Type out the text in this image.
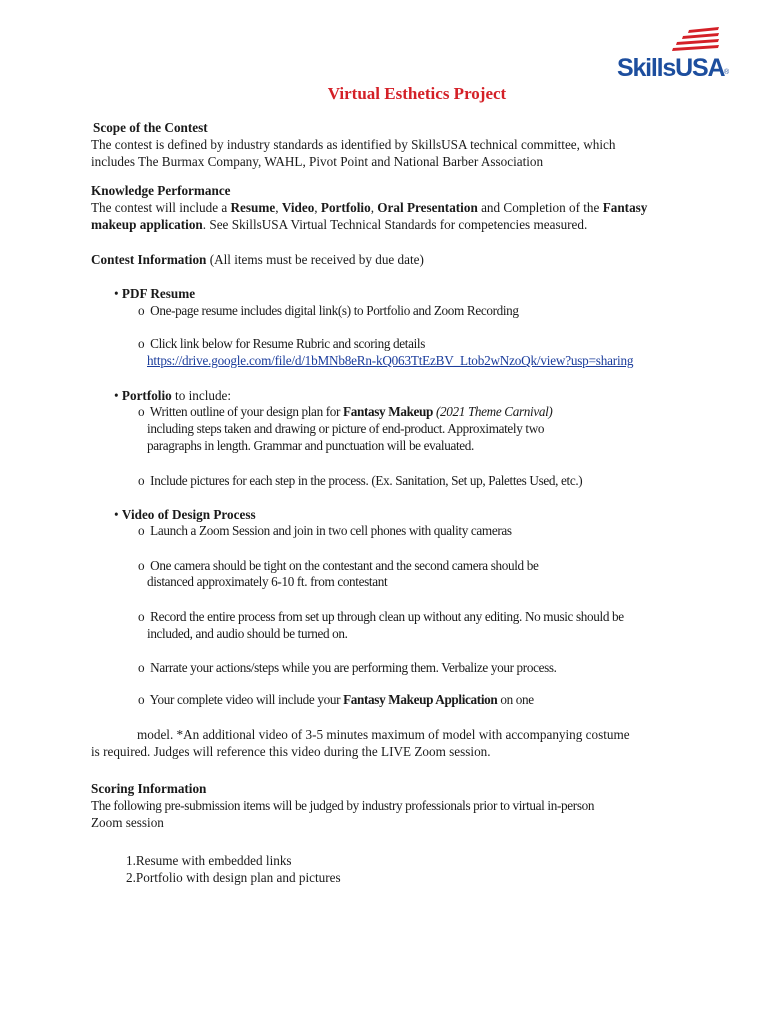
SkillsUSA ®
Virtual Esthetics Project
Scope of the Contest
The contest is defined by industry standards as identified by SkillsUSA technical committee, which
includes The Burmax Company, WAHL, Pivot Point and National Barber Association
Knowledge Performance
The contest will include a Resume, Video, Portfolio, Oral Presentation and Completion of the Fantasy
makeup application. See SkillsUSA Virtual Technical Standards for competencies measured.
Contest Information (All items must be received by due date)
• PDF Resume
o One-page resume includes digital link(s) to Portfolio and Zoom Recording
o Click link below for Resume Rubric and scoring details
https://drive.google.com/file/d/1bMNb8eRn-kQ063TtEzBV_Ltob2wNzoQk/view?usp=sharing
• Portfolio to include:
o Written outline of your design plan for Fantasy Makeup (2021 Theme Carnival)
including steps taken and drawing or picture of end-product. Approximately two
paragraphs in length. Grammar and punctuation will be evaluated.
o Include pictures for each step in the process. (Ex. Sanitation, Set up, Palettes Used, etc.)
• Video of Design Process
o Launch a Zoom Session and join in two cell phones with quality cameras
o One camera should be tight on the contestant and the second camera should be
distanced approximately 6-10 ft. from contestant
o Record the entire process from set up through clean up without any editing. No music should be
included, and audio should be turned on.
o Narrate your actions/steps while you are performing them. Verbalize your process.
o Your complete video will include your Fantasy Makeup Application on one
model. *An additional video of 3-5 minutes maximum of model with accompanying costume
is required. Judges will reference this video during the LIVE Zoom session.
Scoring Information
The following pre-submission items will be judged by industry professionals prior to virtual in-person
Zoom session
1.Resume with embedded links
2.Portfolio with design plan and pictures
